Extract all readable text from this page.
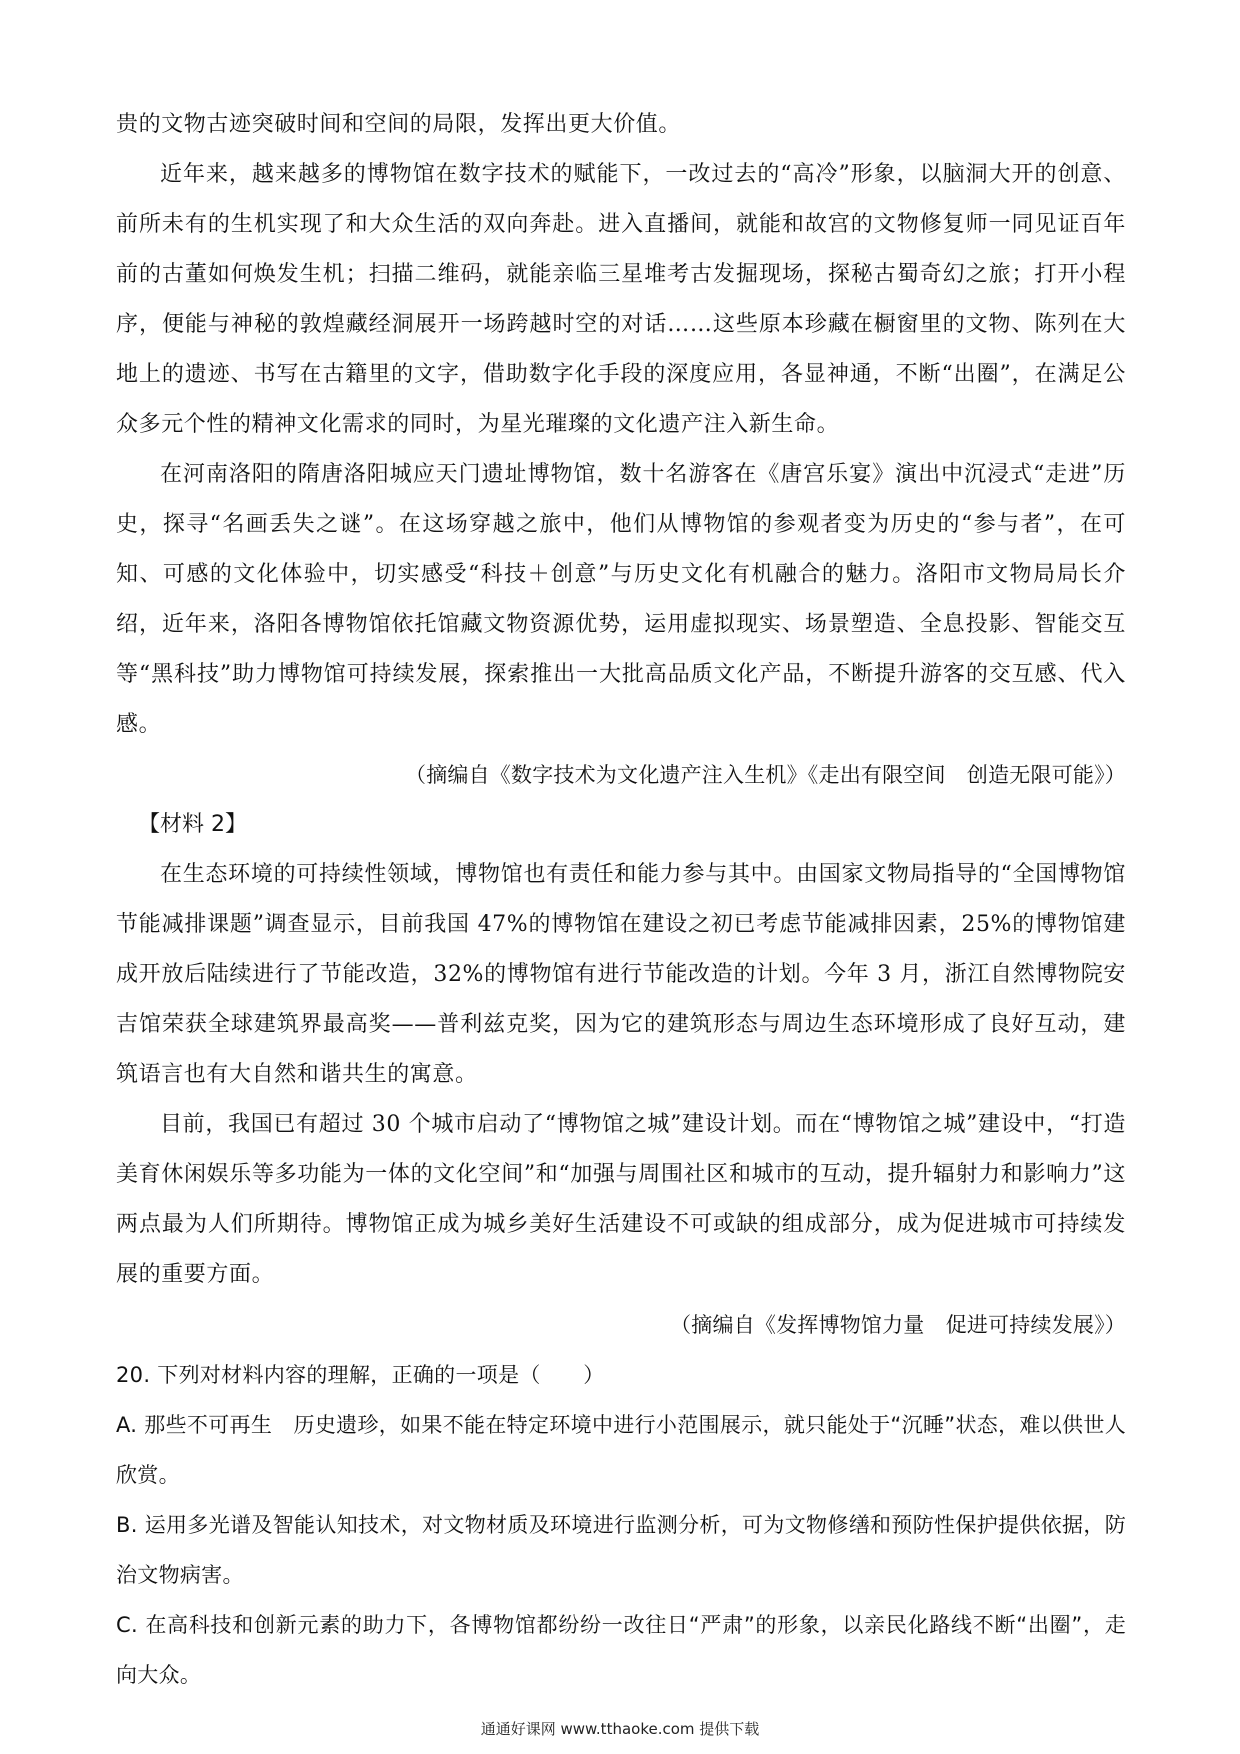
贵的文物古迹突破时间和空间的局限，发挥出更大价值。

近年来，越来越多的博物馆在数字技术的赋能下，一改过去的“高冷”形象，以脑洞大开的创意、前所未有的生机实现了和大众生活的双向奔赴。进入直播间，就能和故宫的文物修复师一同见证百年前的古董如何焕发生机；扫描二维码，就能亲临三星堆考古发掘现场，探秘古蜀奇幻之旅；打开小程序，便能与神秘的敦煌藏经洞展开一场跨越时空的对话……这些原本珍藏在橱窗里的文物、陈列在大地上的遗迹、书写在古籍里的文字，借助数字化手段的深度应用，各显神通，不断“出圈”，在满足公众多元个性的精神文化需求的同时，为星光璀璨的文化遗产注入新生命。

在河南洛阳的隋唐洛阳城应天门遗址博物馆，数十名游客在《唐宫乐宴》演出中沉浸式“走进”历史，探寻“名画丢失之谜”。在这场穿越之旅中，他们从博物馆的参观者变为历史的“参与者”，在可知、可感的文化体验中，切实感受“科技＋创意”与历史文化有机融合的魅力。洛阳市文物局局长介绍，近年来，洛阳各博物馆依托馆藏文物资源优势，运用虚拟现实、场景塑造、全息投影、智能交互等“黑科技”助力博物馆可持续发展，探索推出一大批高品质文化产品，不断提升游客的交互感、代入感。

（摘编自《数字技术为文化遗产注入生机》《走出有限空间　创造无限可能》）

【材料 2】

在生态环境的可持续性领域，博物馆也有责任和能力参与其中。由国家文物局指导的“全国博物馆节能减排课题”调查显示，目前我国 47%的博物馆在建设之初已考虑节能减排因素，25%的博物馆建成开放后陆续进行了节能改造，32%的博物馆有进行节能改造的计划。今年 3 月，浙江自然博物院安吉馆荣获全球建筑界最高奖——普利兹克奖，因为它的建筑形态与周边生态环境形成了良好互动，建筑语言也有大自然和谐共生的寓意。

目前，我国已有超过 30 个城市启动了“博物馆之城”建设计划。而在“博物馆之城”建设中，“打造美育休闲娱乐等多功能为一体的文化空间”和“加强与周围社区和城市的互动，提升辐射力和影响力”这两点最为人们所期待。博物馆正成为城乡美好生活建设不可或缺的组成部分，成为促进城市可持续发展的重要方面。

（摘编自《发挥博物馆力量　促进可持续发展》）

20. 下列对材料内容的理解，正确的一项是（　　）

A. 那些不可再生　历史遗珍，如果不能在特定环境中进行小范围展示，就只能处于“沉睡”状态，难以供世人欣赏。

B. 运用多光谱及智能认知技术，对文物材质及环境进行监测分析，可为文物修缮和预防性保护提供依据，防治文物病害。

C. 在高科技和创新元素的助力下，各博物馆都纷纷一改往日“严肃”的形象，以亲民化路线不断“出圈”，走向大众。

通通好课网 www.tthaoke.com 提供下载
